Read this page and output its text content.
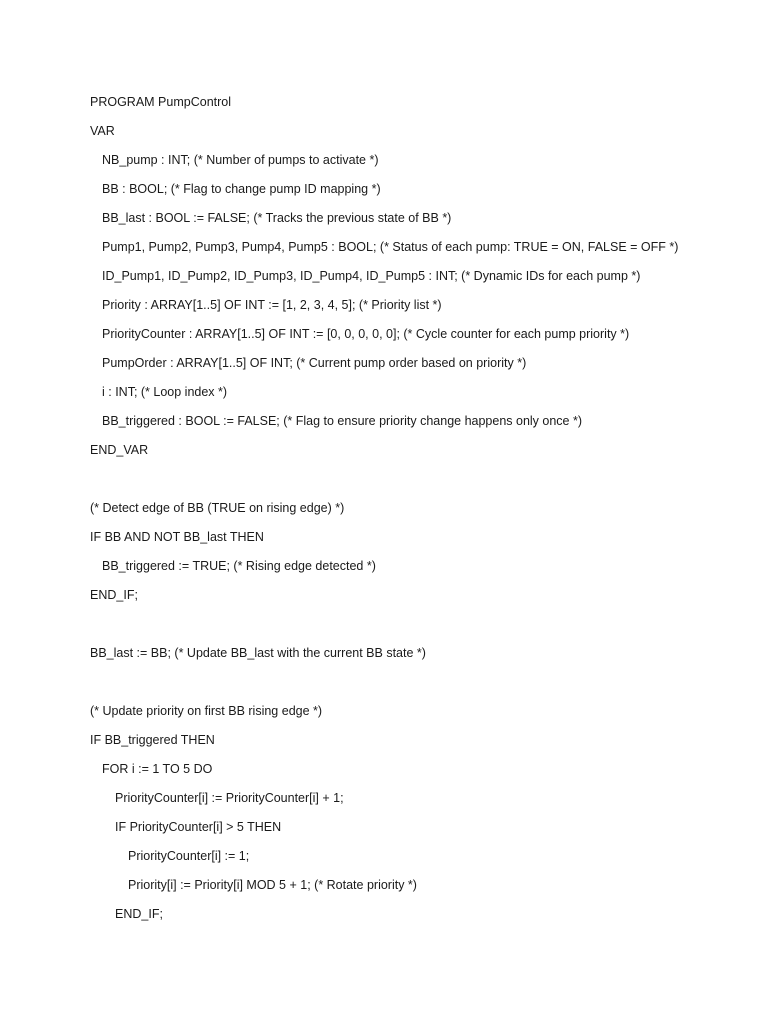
PROGRAM PumpControl
VAR
NB_pump : INT; (* Number of pumps to activate *)
BB : BOOL; (* Flag to change pump ID mapping *)
BB_last : BOOL := FALSE; (* Tracks the previous state of BB *)
Pump1, Pump2, Pump3, Pump4, Pump5 : BOOL; (* Status of each pump: TRUE = ON, FALSE = OFF *)
ID_Pump1, ID_Pump2, ID_Pump3, ID_Pump4, ID_Pump5 : INT; (* Dynamic IDs for each pump *)
Priority : ARRAY[1..5] OF INT := [1, 2, 3, 4, 5]; (* Priority list *)
PriorityCounter : ARRAY[1..5] OF INT := [0, 0, 0, 0, 0]; (* Cycle counter for each pump priority *)
PumpOrder : ARRAY[1..5] OF INT; (* Current pump order based on priority *)
i : INT; (* Loop index *)
BB_triggered : BOOL := FALSE; (* Flag to ensure priority change happens only once *)
END_VAR
(* Detect edge of BB (TRUE on rising edge) *)
IF BB AND NOT BB_last THEN
BB_triggered := TRUE; (* Rising edge detected *)
END_IF;
BB_last := BB; (* Update BB_last with the current BB state *)
(* Update priority on first BB rising edge *)
IF BB_triggered THEN
FOR i := 1 TO 5 DO
PriorityCounter[i] := PriorityCounter[i] + 1;
IF PriorityCounter[i] > 5 THEN
PriorityCounter[i] := 1;
Priority[i] := Priority[i] MOD 5 + 1; (* Rotate priority *)
END_IF;
